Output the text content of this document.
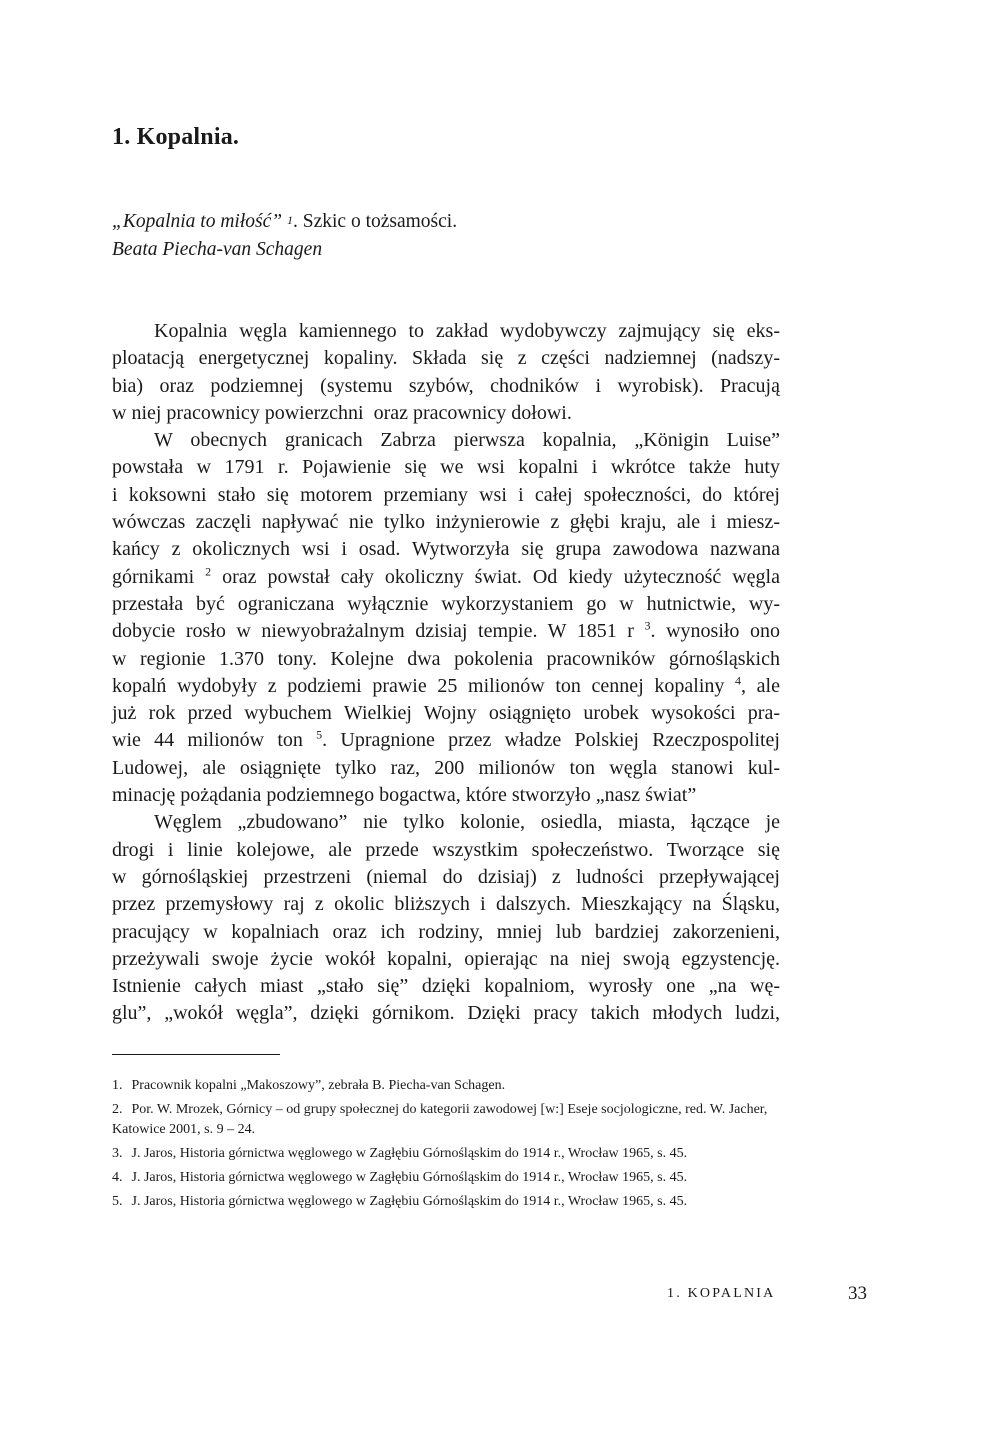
1. Kopalnia.
„Kopalnia to miłość” $^1$. Szkic o tożsamości.
Beata Piecha-van Schagen
Kopalnia węgla kamiennego to zakład wydobywczy zajmujący się eks-
ploatacją energetycznej kopaliny. Składa się z części nadziemnej (nadszy-
bia) oraz podziemnej (systemu szybów, chodników i wyrobisk). Pracują
w niej pracownicy powierzchni  oraz pracownicy dołowi.
W obecnych granicach Zabrza pierwsza kopalnia, „Königin Luise”
powstała w 1791 r. Pojawienie się we wsi kopalni i wkrótce także huty
i koksowni stało się motorem przemiany wsi i całej społeczności, do której
wówczas zaczęli napływać nie tylko inżynierowie z głębi kraju, ale i miesz-
kańcy z okolicznych wsi i osad. Wytworzyła się grupa zawodowa nazwana
górnikami $^2$ oraz powstał cały okoliczny świat. Od kiedy użyteczność węgla
przestała być ograniczana wyłącznie wykorzystaniem go w hutnictwie, wy-
dobycie rosło w niewyobrażalnym dzisiaj tempie. W 1851 r $^3$. wynosiło ono
w regionie 1.370 tony. Kolejne dwa pokolenia pracowników górnośląskich
kopalń wydobyły z podziemi prawie 25 milionów ton cennej kopaliny $^4$, ale
już rok przed wybuchem Wielkiej Wojny osiągnięto urobek wysokości pra-
wie 44 milionów ton $^5$. Upragnione przez władze Polskiej Rzeczpospolitej
Ludowej, ale osiągnięte tylko raz, 200 milionów ton węgla stanowi kul-
minację pożądania podziemnego bogactwa, które stworzyło „nasz świat”
Węglem „zbudowano” nie tylko kolonie, osiedla, miasta, łączące je
drogi i linie kolejowe, ale przede wszystkim społeczeństwo. Tworzące się
w górnośląskiej przestrzeni (niemal do dzisiaj) z ludności przepływającej
przez przemysłowy raj z okolic bliższych i dalszych. Mieszkający na Śląsku,
pracujący w kopalniach oraz ich rodziny, mniej lub bardziej zakorzenieni,
przeżywali swoje życie wokół kopalni, opierając na niej swoją egzystencję.
Istnienie całych miast „stało się” dzięki kopalniom, wyrosły one „na wę-
glu”, „wokół węgla”, dzięki górnikom. Dzięki pracy takich młodych ludzi,
1. Pracownik kopalni „Makoszowy”, zebrała B. Piecha-van Schagen.
2. Por. W. Mrozek, Górnicy – od grupy społecznej do kategorii zawodowej [w:] Eseje socjologiczne, red. W. Jacher, Katowice 2001, s. 9 – 24.
3. J. Jaros, Historia górnictwa węglowego w Zagłębiu Górnośląskim do 1914 r., Wrocław 1965, s. 45.
4. J. Jaros, Historia górnictwa węglowego w Zagłębiu Górnośląskim do 1914 r., Wrocław 1965, s. 45.
5. J. Jaros, Historia górnictwa węglowego w Zagłębiu Górnośląskim do 1914 r., Wrocław 1965, s. 45.
1. KOPALNIA	33
